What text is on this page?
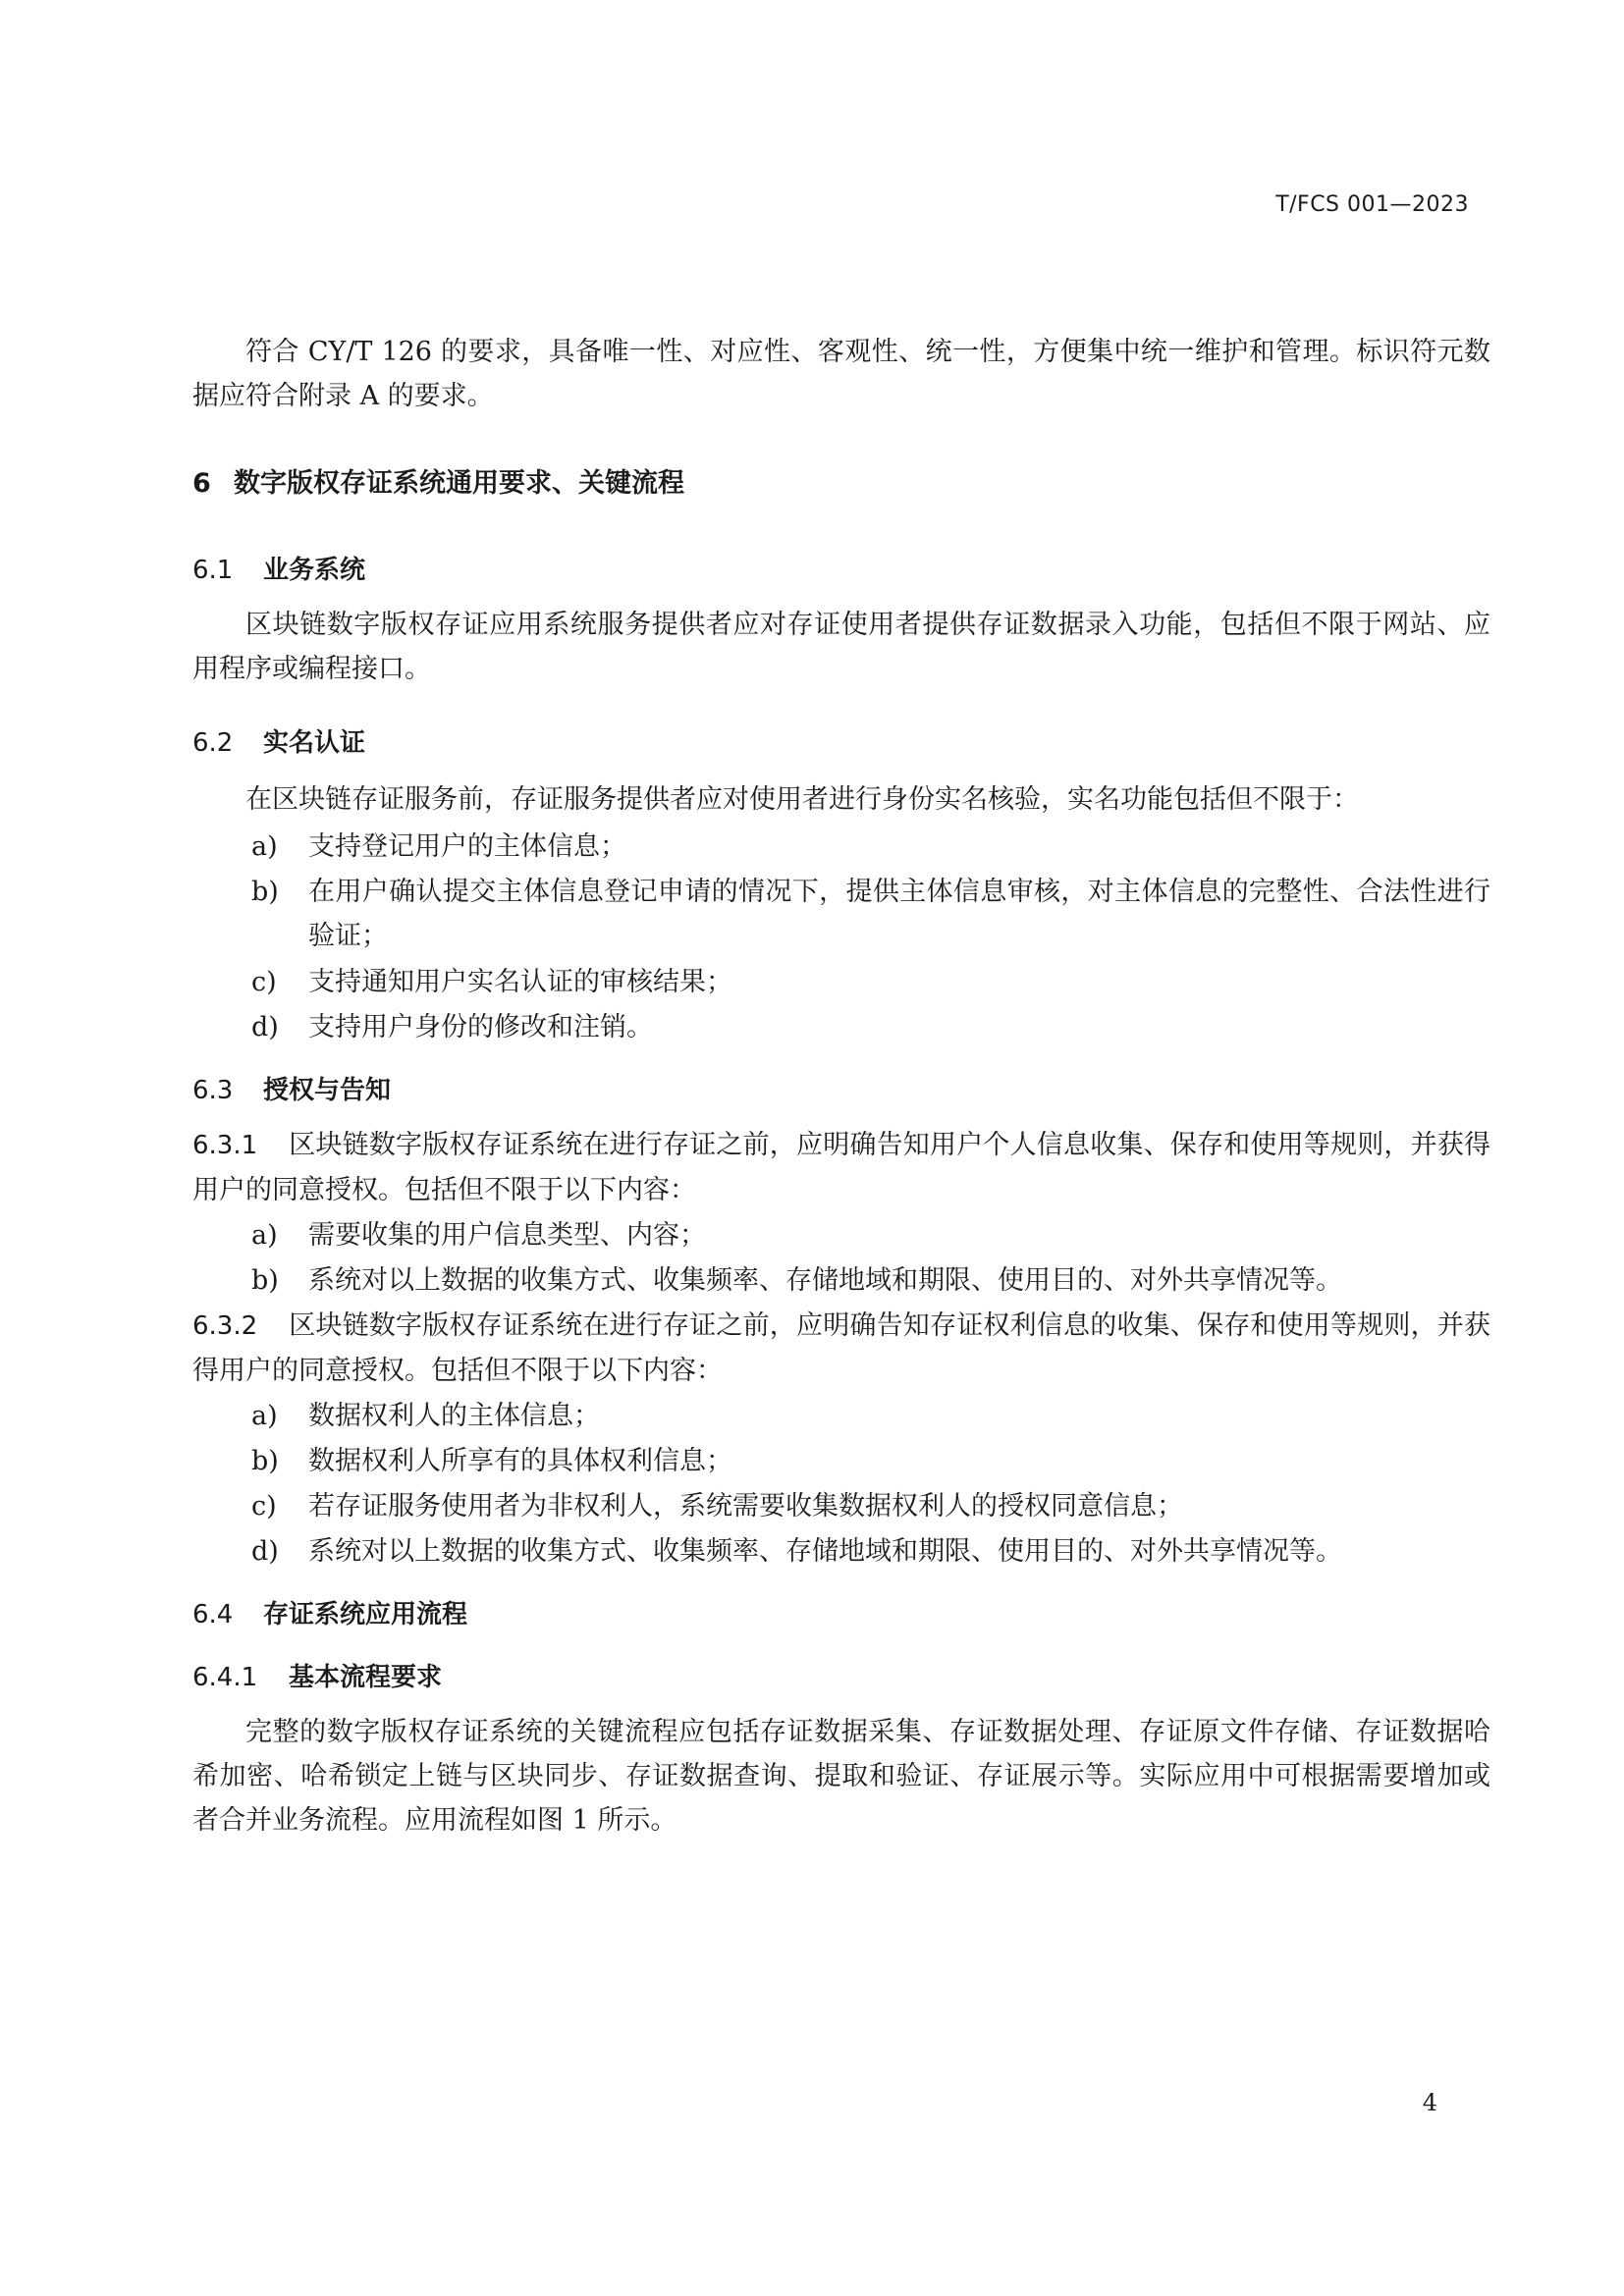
T/FCS 001—2023

符合 CY/T 126 的要求，具备唯一性、对应性、客观性、统一性，方便集中统一维护和管理。标识符元数据应符合附录 A 的要求。

6 数字版权存证系统通用要求、关键流程
6.1 业务系统

区块链数字版权存证应用系统服务提供者应对存证使用者提供存证数据录入功能，包括但不限于网站、应用程序或编程接口。

6.2 实名认证

在区块链存证服务前，存证服务提供者应对使用者进行身份实名核验，实名功能包括但不限于：

a)	支持登记用户的主体信息；
b)	在用户确认提交主体信息登记申请的情况下，提供主体信息审核，对主体信息的完整性、合法性进行验证；
c)	支持通知用户实名认证的审核结果；
d)	支持用户身份的修改和注销。
6.3 授权与告知

6.3.1 区块链数字版权存证系统在进行存证之前，应明确告知用户个人信息收集、保存和使用等规则，并获得用户的同意授权。包括但不限于以下内容：

a)	需要收集的用户信息类型、内容；
b)	系统对以上数据的收集方式、收集频率、存储地域和期限、使用目的、对外共享情况等。

6.3.2 区块链数字版权存证系统在进行存证之前，应明确告知存证权利信息的收集、保存和使用等规则，并获得用户的同意授权。包括但不限于以下内容：

a)	数据权利人的主体信息；
b)	数据权利人所享有的具体权利信息；
c)	若存证服务使用者为非权利人，系统需要收集数据权利人的授权同意信息；
d)	系统对以上数据的收集方式、收集频率、存储地域和期限、使用目的、对外共享情况等。
6.4 存证系统应用流程
6.4.1 基本流程要求

完整的数字版权存证系统的关键流程应包括存证数据采集、存证数据处理、存证原文件存储、存证数据哈希加密、哈希锁定上链与区块同步、存证数据查询、提取和验证、存证展示等。实际应用中可根据需要增加或者合并业务流程。应用流程如图 1 所示。

4
